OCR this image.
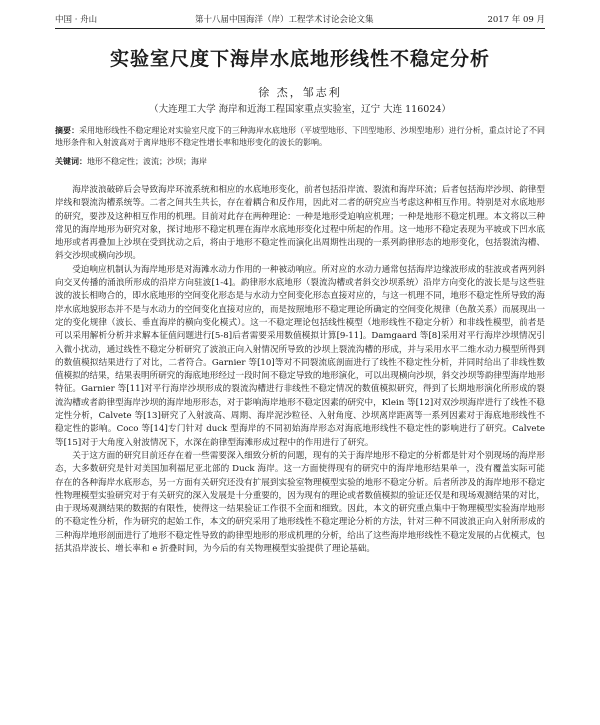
中国 · 舟山	第十八届中国海洋（岸）工程学术讨论会论文集	2017 年 09 月
实验室尺度下海岸水底地形线性不稳定分析
徐 杰，邹志利
（大连理工大学 海岸和近海工程国家重点实验室，辽宁 大连 116024）
摘要：采用地形线性不稳定理论对实验室尺度下的三种海岸水底地形（平坡型地形、下凹型地形、沙坝型地形）进行分析，重点讨论了不同地形条件和入射波高对于离岸地形不稳定性增长率和地形变化的波长的影响。
关键词：地形不稳定性；波流；沙坝；海岸

海岸波浪破碎后会导致海岸环流系统和相应的水底地形变化，前者包括沿岸流、裂流和海岸环流；后者包括海岸沙坝、韵律型岸线和裂流沟槽系统等。二者之间共生共长，存在着耦合和反作用，因此对二者的研究应当考虑这种相互作用。特别是对水底地形的研究，要涉及这种相互作用的机理。目前对此存在两种理论：一种是地形受迫响应机理；一种是地形不稳定机理。本文将以三种常见的海岸地形为研究对象，探讨地形不稳定机理在海岸水底地形变化过程中所起的作用。这一地形不稳定表现为平坡或下凹水底地形或者再叠加上沙坝在受到扰动之后，将由于地形不稳定性而演化出周期性出现的一系列韵律形态的地形变化，包括裂流沟槽、斜交沙坝或横向沙坝。

受迫响应机制认为海岸地形是对海滩水动力作用的一种被动响应。所对应的水动力通常包括海岸边缘波形成的驻波或者两列斜向交叉传播的涌浪所形成的沿岸方向驻波[1-4]。韵律形水底地形（裂流沟槽或者斜交沙坝系统）沿岸方向变化的波长是与这些驻波的波长相吻合的，即水底地形的空间变化形态是与水动力空间变化形态直接对应的，与这一机理不同，地形不稳定性所导致的海岸水底地貌形态并不是与水动力的空间变化直接对应的，而是按照地形不稳定理论所确定的空间变化规律（色散关系）而展现出一定的变化规律（波长、垂直海岸的横向变化模式）。这一不稳定理论包括线性模型（地形线性不稳定分析）和非线性模型，前者是可以采用解析分析并求解本征值问题进行[5-8]后者需要采用数值模拟计算[9-11]。Damgaard 等[8]采用对平行海岸沙坝情况引入微小扰动，通过线性不稳定分析研究了波浪正向入射情况所导致的沙坝上裂流沟槽的形成，并与采用水平二维水动力模型所得到的数值模拟结果进行了对比，二者符合。Garnier 等[10]等对不同裂流底剖面进行了线性不稳定性分析，并同时给出了非线性数值模拟的结果，结果表明所研究的海底地形经过一段时间不稳定导致的地形演化，可以出现横向沙坝，斜交沙坝等韵律型海岸地形特征。Garnier 等[11]对平行海岸沙坝形成的裂流沟槽进行非线性不稳定情况的数值模拟研究，得到了长期地形演化所形成的裂流沟槽或者韵律型海岸沙坝的海岸地形形态，对于影响海岸地形不稳定因素的研究中，Klein 等[12]对双沙坝海岸进行了线性不稳定性分析，Calvete 等[13]研究了入射波高、周期、海岸泥沙粒径、入射角度、沙坝离岸距离等一系列因素对于海底地形线性不稳定性的影响。Coco 等[14]专门针对 duck 型海岸的不同初始海岸形态对海底地形线性不稳定性的影响进行了研究。Calvete 等[15]对于大角度入射波情况下，水深在韵律型海滩形成过程中的作用进行了研究。

关于这方面的研究目前还存在着一些需要深入细致分析的问题，现有的关于海岸地形不稳定的分析都是针对个别现场的海岸形态，大多数研究是针对美国加利福尼亚北部的 Duck 海岸。这一方面使得现有的研究中的海岸地形结果单一，没有覆盖实际可能存在的各种海岸水底形态，另一方面有关研究还没有扩展到实验室物理模型实验的地形不稳定分析。后者所涉及的海岸地形不稳定性物理模型实验研究对于有关研究的深入发展是十分重要的，因为现有的理论或者数值模拟的验证还仅是和现场观测结果的对比，由于现场观测结果的数据的有限性，使得这一结果验证工作很不全面和细致。因此，本文的研究重点集中于物理模型实验海岸地形的不稳定性分析，作为研究的起始工作，本文的研究采用了地形线性不稳定理论分析的方法，针对三种不同波浪正向入射所形成的三种海岸地形剖面进行了地形不稳定性导致的韵律型地形的形成机理的分析，给出了这些海岸地形线性不稳定发展的占优模式，包括其沿岸波长、增长率和 e 折叠时间，为今后的有关物理模型实验提供了理论基础。
